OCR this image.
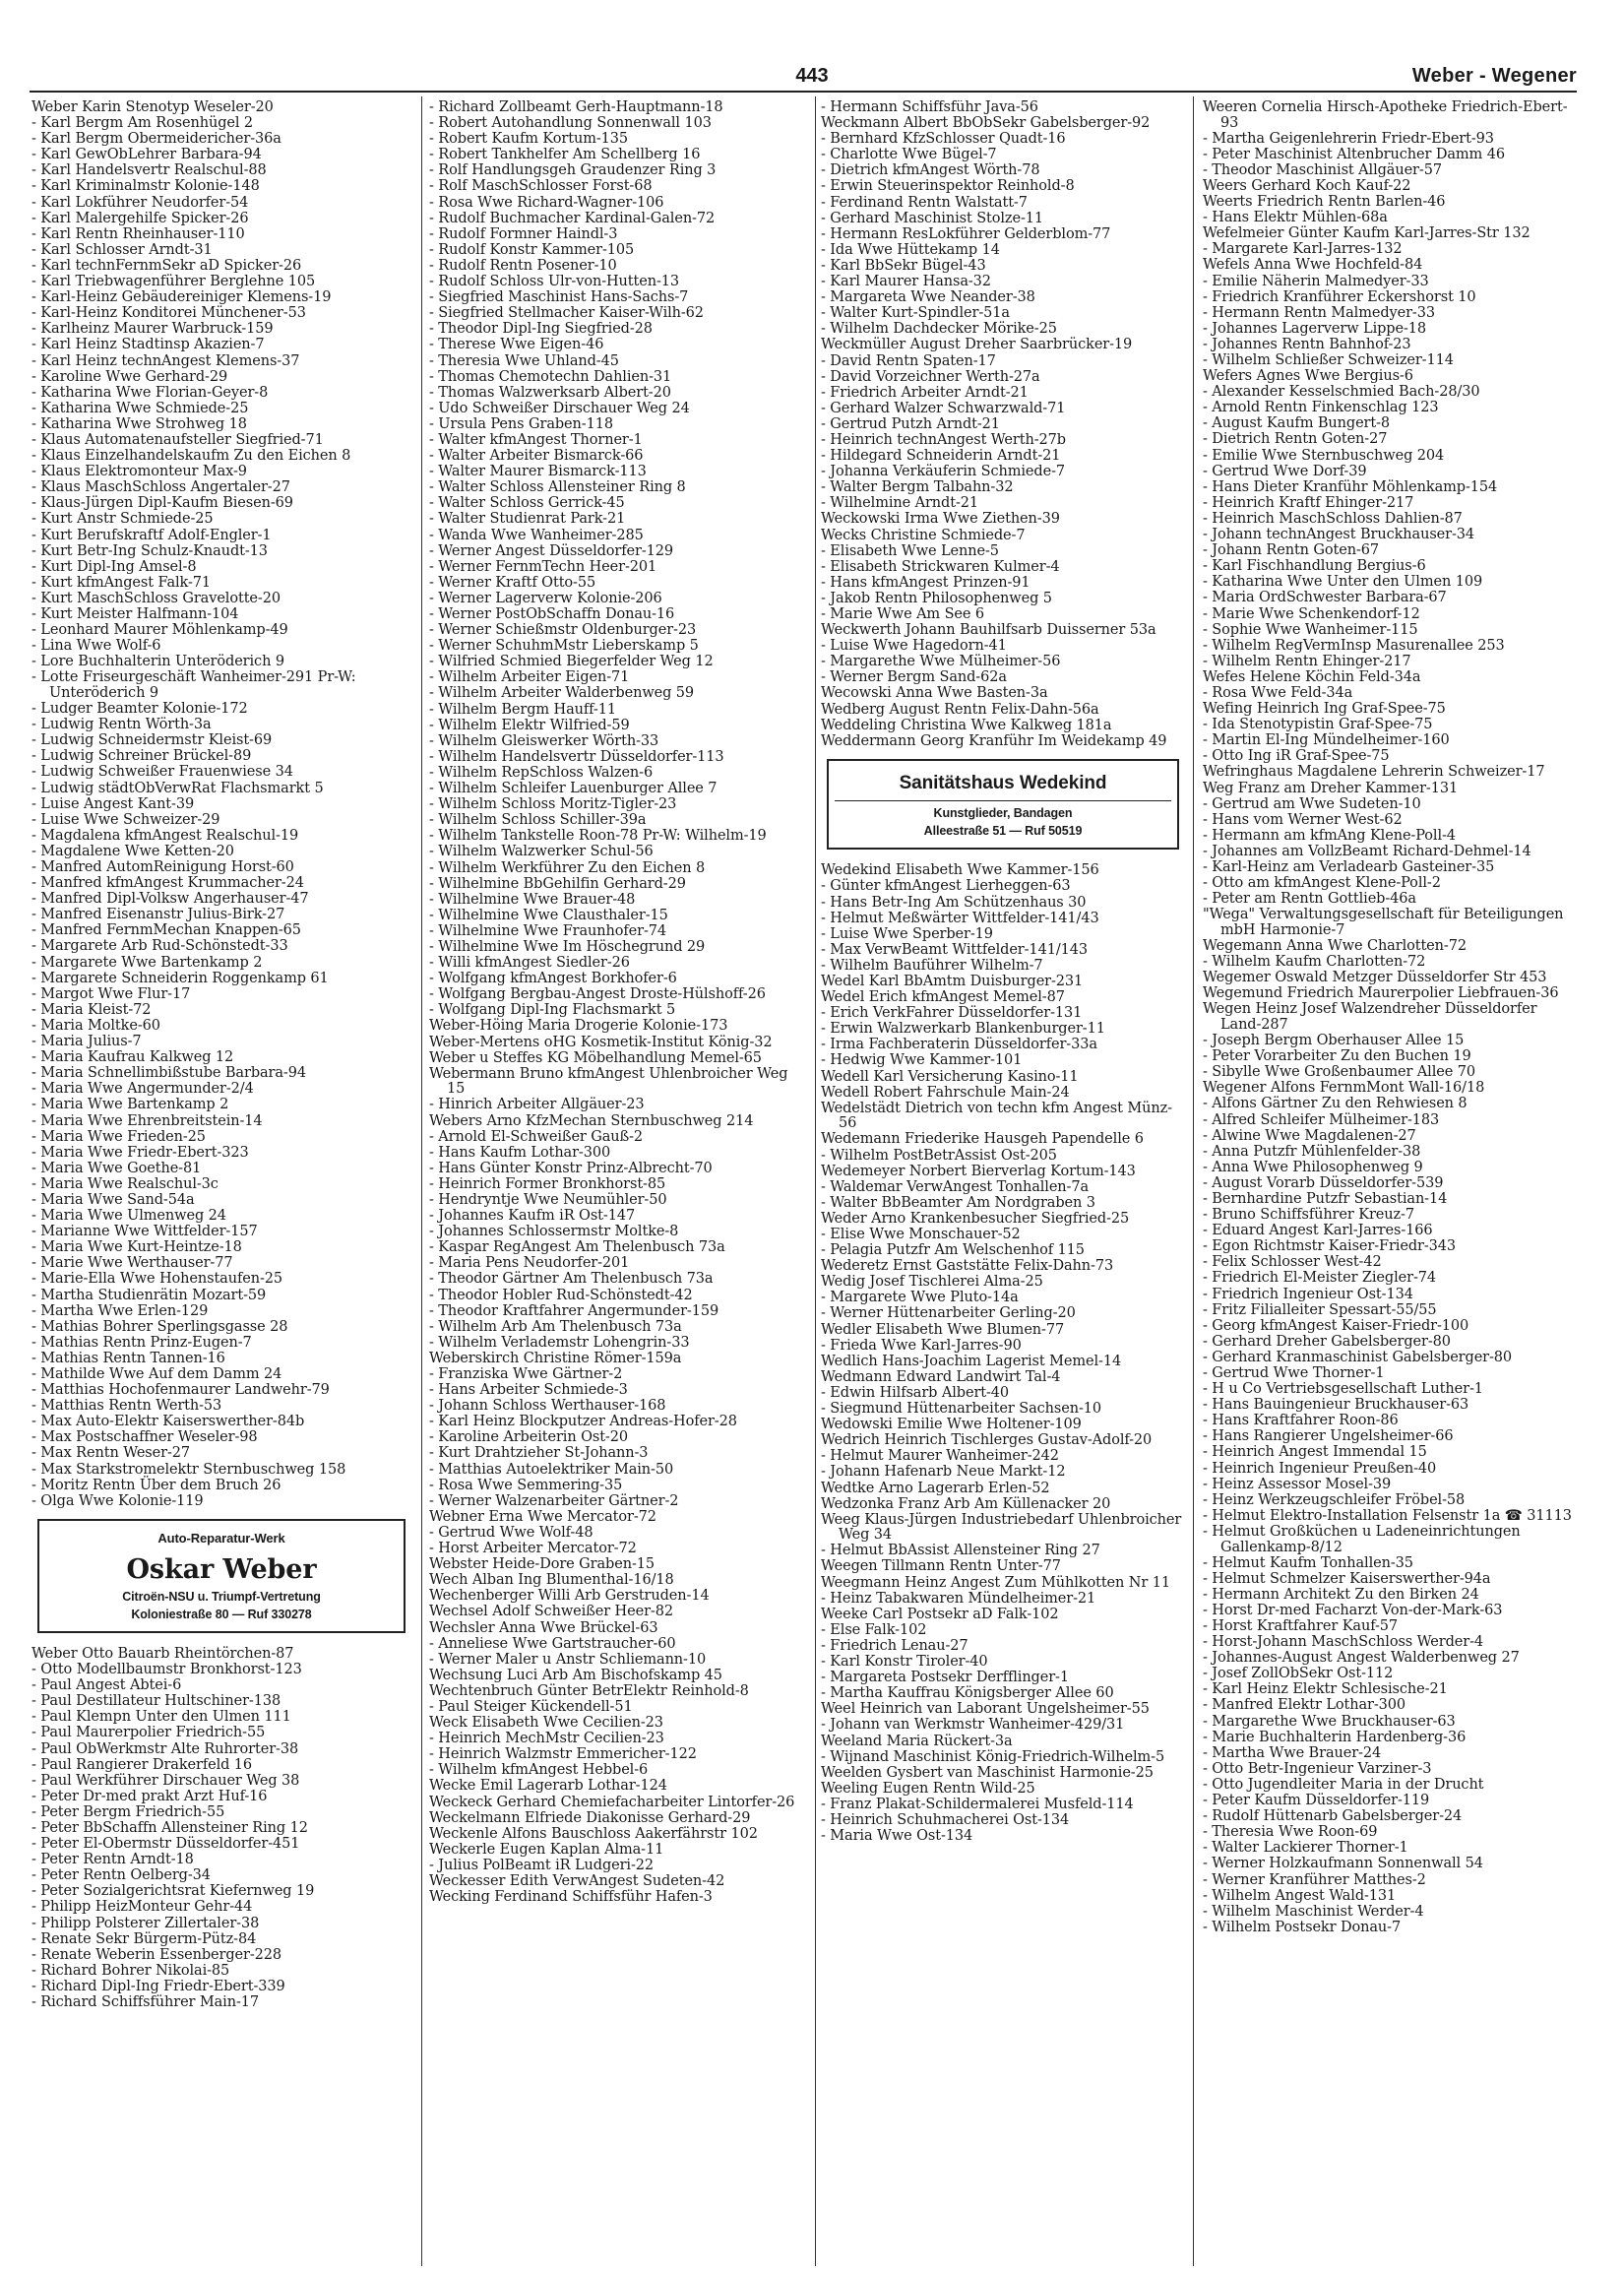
443	Weber - Wegener
Weber Karin Stenotyp Weseler-20
- Karl Bergm Am Rosenhügel 2
- Karl Bergm Obermeidericher-36a
- Karl GewObLehrer Barbara-94
- Karl Handelsvertr Realschul-88
- Karl Kriminalmstr Kolonie-148
- Karl Lokführer Neudorfer-54
- Karl Malergehilfe Spicker-26
- Karl Rentn Rheinhauser-110
- Karl Schlosser Arndt-31
- Karl technFernmSekr aD Spicker-26
- Karl Triebwagenführer Berglehne 105
- Karl-Heinz Gebäudereiniger Klemens-19
- Karl-Heinz Konditorei Münchener-53
- Karlheinz Maurer Warbruck-159
- Karl Heinz Stadtinsp Akazien-7
- Karl Heinz technAngest Klemens-37
- Karoline Wwe Gerhard-29
- Katharina Wwe Florian-Geyer-8
- Katharina Wwe Schmiede-25
- Katharina Wwe Strohweg 18
- Klaus Automatenaufsteller Siegfried-71
- Klaus Einzelhandelskaufm Zu den Eichen 8
- Klaus Elektromonteur Max-9
- Klaus MaschSchloss Angertaler-27
- Klaus-Jürgen Dipl-Kaufm Biesen-69
- Kurt Anstr Schmiede-25
- Kurt Berufskraftf Adolf-Engler-1
- Kurt Betr-Ing Schulz-Knaudt-13
- Kurt Dipl-Ing Amsel-8
- Kurt kfmAngest Falk-71
- Kurt MaschSchloss Gravelotte-20
- Kurt Meister Halfmann-104
- Leonhard Maurer Möhlenkamp-49
- Lina Wwe Wolf-6
- Lore Buchhalterin Unteröderich 9
- Lotte Friseurgeschäft Wanheimer-291 Pr-W: Unteröderich 9
- Ludger Beamter Kolonie-172
- Ludwig Rentn Wörth-3a
- Ludwig Schneidermstr Kleist-69
- Ludwig Schreiner Brückel-89
- Ludwig Schweißer Frauenwiese 34
- Ludwig städtObVerwRat Flachsmarkt 5
- Luise Angest Kant-39
- Luise Wwe Schweizer-29
- Magdalena kfmAngest Realschul-19
- Magdalene Wwe Ketten-20
- Manfred AutomReinigung Horst-60
- Manfred kfmAngest Krummacher-24
- Manfred Dipl-Volksw Angerhauser-47
- Manfred Eisenanstr Julius-Birk-27
- Manfred FernmMechan Knappen-65
- Margarete Arb Rud-Schönstedt-33
- Margarete Wwe Bartenkamp 2
- Margarete Schneiderin Roggenkamp 61
- Margot Wwe Flur-17
- Maria Kleist-72
- Maria Moltke-60
- Maria Julius-7
- Maria Kaufrau Kalkweg 12
- Maria Schnellimbißstube Barbara-94
- Maria Wwe Angermunder-2/4
- Maria Wwe Bartenkamp 2
- Maria Wwe Ehrenbreitstein-14
- Maria Wwe Frieden-25
- Maria Wwe Friedr-Ebert-323
- Maria Wwe Goethe-81
- Maria Wwe Realschul-3c
- Maria Wwe Sand-54a
- Maria Wwe Ulmenweg 24
- Marianne Wwe Wittfelder-157
- Maria Wwe Kurt-Heintze-18
- Marie Wwe Werthauser-77
- Marie-Ella Wwe Hohenstaufen-25
- Martha Studienrätin Mozart-59
- Martha Wwe Erlen-129
- Mathias Bohrer Sperlingsgasse 28
- Mathias Rentn Prinz-Eugen-7
- Mathias Rentn Tannen-16
- Mathilde Wwe Auf dem Damm 24
- Matthias Hochofenmaurer Landwehr-79
- Matthias Rentn Werth-53
- Max Auto-Elektr Kaiserswerther-84b
- Max Postschaffner Weseler-98
- Max Rentn Weser-27
- Max Starkstromelektr Sternbuschweg 158
- Moritz Rentn Über dem Bruch 26
- Olga Wwe Kolonie-119
Auto-Reparatur-Werk
Oskar Weber
Citroën-NSU u. Triumpf-Vertretung
Koloniestraße 80 — Ruf 330278
Weber Otto Bauarb Rheintörchen-87
- Otto Modellbaumstr Bronkhorst-123
- Paul Angest Abtei-6
- Paul Destillateur Hultschiner-138
- Paul Klempn Unter den Ulmen 111
- Paul Maurerpolier Friedrich-55
- Paul ObWerkmstr Alte Ruhrorter-38
- Paul Rangierer Drakerfeld 16
- Paul Werkführer Dirschauer Weg 38
- Peter Dr-med prakt Arzt Huf-16
- Peter Bergm Friedrich-55
- Peter BbSchaffn Allensteiner Ring 12
- Peter El-Obermstr Düsseldorfer-451
- Peter Rentn Arndt-18
- Peter Rentn Oelberg-34
- Peter Sozialgerichtsrat Kiefernweg 19
- Philipp HeizMonteur Gehr-44
- Philipp Polsterer Zillertaler-38
- Renate Sekr Bürgerm-Pütz-84
- Renate Weberin Essenberger-228
- Richard Bohrer Nikolai-85
- Richard Dipl-Ing Friedr-Ebert-339
- Richard Schiffsführer Main-17
- Richard Zollbeamt Gerh-Hauptmann-18
- Robert Autohandlung Sonnenwall 103
- Robert Kaufm Kortum-135
- Robert Tankhelfer Am Schellberg 16
- Rolf Handlungsgeh Graudenzer Ring 3
- Rolf MaschSchlosser Forst-68
- Rosa Wwe Richard-Wagner-106
- Rudolf Buchmacher Kardinal-Galen-72
- Rudolf Formner Haindl-3
- Rudolf Konstr Kammer-105
- Rudolf Rentn Posener-10
- Rudolf Schloss Ulr-von-Hutten-13
- Siegfried Maschinist Hans-Sachs-7
- Siegfried Stellmacher Kaiser-Wilh-62
- Theodor Dipl-Ing Siegfried-28
- Therese Wwe Eigen-46
- Theresia Wwe Uhland-45
- Thomas Chemotechn Dahlien-31
- Thomas Walzwerksarb Albert-20
- Udo Schweißer Dirschauer Weg 24
- Ursula Pens Graben-118
- Walter kfmAngest Thorner-1
- Walter Arbeiter Bismarck-66
- Walter Maurer Bismarck-113
- Walter Schloss Allensteiner Ring 8
- Walter Schloss Gerrick-45
- Walter Studienrat Park-21
- Wanda Wwe Wanheimer-285
- Werner Angest Düsseldorfer-129
- Werner FernmTechn Heer-201
- Werner Kraftf Otto-55
- Werner Lagerverw Kolonie-206
- Werner PostObSchaffn Donau-16
- Werner Schießmstr Oldenburger-23
- Werner SchuhmMstr Lieberskamp 5
- Wilfried Schmied Biegerfelder Weg 12
- Wilhelm Arbeiter Eigen-71
- Wilhelm Arbeiter Walderbenweg 59
- Wilhelm Bergm Hauff-11
- Wilhelm Elektr Wilfried-59
- Wilhelm Gleiswerker Wörth-33
- Wilhelm Handelsvertr Düsseldorfer-113
- Wilhelm RepSchloss Walzen-6
- Wilhelm Schleifer Lauenburger Allee 7
- Wilhelm Schloss Moritz-Tigler-23
- Wilhelm Schloss Schiller-39a
- Wilhelm Tankstelle Roon-78 Pr-W: Wilhelm-19
- Wilhelm Walzwerker Schul-56
- Wilhelm Werkführer Zu den Eichen 8
- Wilhelmine BbGehilfin Gerhard-29
- Wilhelmine Wwe Brauer-48
- Wilhelmine Wwe Clausthaler-15
- Wilhelmine Wwe Fraunhofer-74
- Wilhelmine Wwe Im Höschegrund 29
- Willi kfmAngest Siedler-26
- Wolfgang kfmAngest Borkhofer-6
- Wolfgang Bergbau-Angest Droste-Hülshoff-26
- Wolfgang Dipl-Ing Flachsmarkt 5
Weber-Höing Maria Drogerie Kolonie-173
Weber-Mertens oHG Kosmetik-Institut König-32
Weber u Steffes KG Möbelhandlung Memel-65
Webermann Bruno kfmAngest Uhlenbroicher Weg 15
- Hinrich Arbeiter Allgäuer-23
Webers Arno KfzMechan Sternbuschweg 214
- Arnold El-Schweißer Gauß-2
- Hans Kaufm Lothar-300
- Hans Günter Konstr Prinz-Albrecht-70
- Heinrich Former Bronkhorst-85
- Hendryntje Wwe Neumühler-50
- Johannes Kaufm iR Ost-147
- Johannes Schlossermstr Moltke-8
- Kaspar RegAngest Am Thelenbusch 73a
- Maria Pens Neudorfer-201
- Theodor Gärtner Am Thelenbusch 73a
- Theodor Hobler Rud-Schönstedt-42
- Theodor Kraftfahrer Angermunder-159
- Wilhelm Arb Am Thelenbusch 73a
- Wilhelm Verlademstr Lohengrin-33
Weberskirch Christine Römer-159a
- Franziska Wwe Gärtner-2
- Hans Arbeiter Schmiede-3
- Johann Schloss Werthauser-168
- Karl Heinz Blockputzer Andreas-Hofer-28
- Karoline Arbeiterin Ost-20
- Kurt Drahtzieher St-Johann-3
- Matthias Autoelektriker Main-50
- Rosa Wwe Semmering-35
- Werner Walzenarbeiter Gärtner-2
Webner Erna Wwe Mercator-72
- Gertrud Wwe Wolf-48
- Horst Arbeiter Mercator-72
Webster Heide-Dore Graben-15
Wech Alban Ing Blumenthal-16/18
Wechenberger Willi Arb Gerstruden-14
Wechsel Adolf Schweißer Heer-82
Wechsler Anna Wwe Brückel-63
- Anneliese Wwe Gartstraucher-60
- Werner Maler u Anstr Schliemann-10
Wechsung Luci Arb Am Bischofskamp 45
Wechtenbruch Günter BetrElektr Reinhold-8
- Paul Steiger Kückendell-51
Weck Elisabeth Wwe Cecilien-23
- Heinrich MechMstr Cecilien-23
- Heinrich Walzmstr Emmericher-122
- Wilhelm kfmAngest Hebbel-6
Wecke Emil Lagerarb Lothar-124
Weckeck Gerhard Chemiefacharbeiter Lintorfer-26
Weckelmann Elfriede Diakonisse Gerhard-29
Weckenle Alfons Bauschloss Aakerfährstr 102
Weckerle Eugen Kaplan Alma-11
- Julius PolBeamt iR Ludgeri-22
Weckesser Edith VerwAngest Sudeten-42
Wecking Ferdinand Schiffsführ Hafen-3
- Hermann Schiffsführ Java-56
Weckmann Albert BbObSekr Gabelsberger-92
- Bernhard KfzSchlosser Quadt-16
- Charlotte Wwe Bügel-7
- Dietrich kfmAngest Wörth-78
- Erwin Steuerinspektor Reinhold-8
- Ferdinand Rentn Walstatt-7
- Gerhard Maschinist Stolze-11
- Hermann ResLokführer Gelderblom-77
- Ida Wwe Hüttekamp 14
- Karl BbSekr Bügel-43
- Karl Maurer Hansa-32
- Margareta Wwe Neander-38
- Walter Kurt-Spindler-51a
- Wilhelm Dachdecker Mörike-25
Weckmüller August Dreher Saarbrücker-19
- David Rentn Spaten-17
- David Vorzeichner Werth-27a
- Friedrich Arbeiter Arndt-21
- Gerhard Walzer Schwarzwald-71
- Gertrud Putzh Arndt-21
- Heinrich technAngest Werth-27b
- Hildegard Schneiderin Arndt-21
- Johanna Verkäuferin Schmiede-7
- Walter Bergm Talbahn-32
- Wilhelmine Arndt-21
Weckowski Irma Wwe Ziethen-39
Wecks Christine Schmiede-7
- Elisabeth Wwe Lenne-5
- Elisabeth Strickwaren Kulmer-4
- Hans kfmAngest Prinzen-91
- Jakob Rentn Philosophenweg 5
- Marie Wwe Am See 6
Weckwerth Johann Bauhilfsarb Duisserner 53a
- Luise Wwe Hagedorn-41
- Margarethe Wwe Mülheimer-56
- Werner Bergm Sand-62a
Wecowski Anna Wwe Basten-3a
Wedberg August Rentn Felix-Dahn-56a
Weddeling Christina Wwe Kalkweg 181a
Weddermann Georg Kranführ Im Weidekamp 49
Sanitätshaus Wedekind
Kunstglieder, Bandagen
Alleestraße 51 — Ruf 50519
Wedekind Elisabeth Wwe Kammer-156
- Günter kfmAngest Lierheggen-63
- Hans Betr-Ing Am Schützenhaus 30
- Helmut Meßwärter Wittfelder-141/43
- Luise Wwe Sperber-19
- Max VerwBeamt Wittfelder-141/143
- Wilhelm Bauführer Wilhelm-7
Wedel Karl BbAmtm Duisburger-231
Wedel Erich kfmAngest Memel-87
- Erich VerkFahrer Düsseldorfer-131
- Erwin Walzwerkarb Blankenburger-11
- Irma Fachberaterin Düsseldorfer-33a
- Hedwig Wwe Kammer-101
Wedell Karl Versicherung Kasino-11
Wedell Robert Fahrschule Main-24
Wedelstädt Dietrich von techn kfm Angest Münz-56
Wedemann Friederike Hausgeh Papendelle 6
- Wilhelm PostBetrAssist Ost-205
Wedemeyer Norbert Bierverlag Kortum-143
- Waldemar VerwAngest Tonhallen-7a
- Walter BbBeamter Am Nordgraben 3
Weder Arno Krankenbesucher Siegfried-25
- Elise Wwe Monschauer-52
- Pelagia Putzfr Am Welschenhof 115
Wederetz Ernst Gaststätte Felix-Dahn-73
Wedig Josef Tischlerei Alma-25
- Margarete Wwe Pluto-14a
- Werner Hüttenarbeiter Gerling-20
Wedler Elisabeth Wwe Blumen-77
- Frieda Wwe Karl-Jarres-90
Wedlich Hans-Joachim Lagerist Memel-14
Wedmann Edward Landwirt Tal-4
- Edwin Hilfsarb Albert-40
- Siegmund Hüttenarbeiter Sachsen-10
Wedowski Emilie Wwe Holtener-109
Wedrich Heinrich Tischlerges Gustav-Adolf-20
- Helmut Maurer Wanheimer-242
- Johann Hafenarb Neue Markt-12
Wedtke Arno Lagerarb Erlen-52
Wedzonka Franz Arb Am Küllenacker 20
Weeg Klaus-Jürgen Industriebedarf Uhlenbroicher Weg 34
- Helmut BbAssist Allensteiner Ring 27
Weegen Tillmann Rentn Unter-77
Weegmann Heinz Angest Zum Mühlkotten Nr 11
- Heinz Tabakwaren Mündelheimer-21
Weeke Carl Postsekr aD Falk-102
- Else Falk-102
- Friedrich Lenau-27
- Karl Konstr Tiroler-40
- Margareta Postsekr Derfflinger-1
- Martha Kauffrau Königsberger Allee 60
Weel Heinrich van Laborant Ungelsheimer-55
- Johann van Werkmstr Wanheimer-429/31
Weeland Maria Rückert-3a
- Wijnand Maschinist König-Friedrich-Wilhelm-5
Weelden Gysbert van Maschinist Harmonie-25
Weeling Eugen Rentn Wild-25
- Franz Plakat-Schildermalerei Musfeld-114
- Heinrich Schuhmacherei Ost-134
- Maria Wwe Ost-134
Weeren Cornelia Hirsch-Apotheke Friedrich-Ebert-93
- Martha Geigenlehrerin Friedr-Ebert-93
- Peter Maschinist Altenbrucher Damm 46
- Theodor Maschinist Allgäuer-57
Weers Gerhard Koch Kauf-22
Weerts Friedrich Rentn Barlen-46
- Hans Elektr Mühlen-68a
Wefelmeier Günter Kaufm Karl-Jarres-Str 132
- Margarete Karl-Jarres-132
Wefels Anna Wwe Hochfeld-84
- Emilie Näherin Malmedyer-33
- Friedrich Kranführer Eckershorst 10
- Hermann Rentn Malmedyer-33
- Johannes Lagerverw Lippe-18
- Johannes Rentn Bahnhof-23
- Wilhelm Schließer Schweizer-114
Wefers Agnes Wwe Bergius-6
- Alexander Kesselschmied Bach-28/30
- Arnold Rentn Finkenschlag 123
- August Kaufm Bungert-8
- Dietrich Rentn Goten-27
- Emilie Wwe Sternbuschweg 204
- Gertrud Wwe Dorf-39
- Hans Dieter Kranführ Möhlenkamp-154
- Heinrich Kraftf Ehinger-217
- Heinrich MaschSchloss Dahlien-87
- Johann technAngest Bruckhauser-34
- Johann Rentn Goten-67
- Karl Fischhandlung Bergius-6
- Katharina Wwe Unter den Ulmen 109
- Maria OrdSchwester Barbara-67
- Marie Wwe Schenkendorf-12
- Sophie Wwe Wanheimer-115
- Wilhelm RegVermInsp Masurenallee 253
- Wilhelm Rentn Ehinger-217
Wefes Helene Köchin Feld-34a
- Rosa Wwe Feld-34a
Wefing Heinrich Ing Graf-Spee-75
- Ida Stenotypistin Graf-Spee-75
- Martin El-Ing Mündelheimer-160
- Otto Ing iR Graf-Spee-75
Wefringhaus Magdalene Lehrerin Schweizer-17
Weg Franz am Dreher Kammer-131
- Gertrud am Wwe Sudeten-10
- Hans vom Werner West-62
- Hermann am kfmAng Klene-Poll-4
- Johannes am VollzBeamt Richard-Dehmel-14
- Karl-Heinz am Verladearb Gasteiner-35
- Otto am kfmAngest Klene-Poll-2
- Peter am Rentn Gottlieb-46a
"Wega" Verwaltungsgesellschaft für Beteiligungen mbH Harmonie-7
Wegemann Anna Wwe Charlotten-72
- Wilhelm Kaufm Charlotten-72
Wegemer Oswald Metzger Düsseldorfer Str 453
Wegemund Friedrich Maurerpolier Liebfrauen-36
Wegen Heinz Josef Walzendreher Düsseldorfer Land-287
- Joseph Bergm Oberhauser Allee 15
- Peter Vorarbeiter Zu den Buchen 19
- Sibylle Wwe Großenbaumer Allee 70
Wegener Alfons FernmMont Wall-16/18
- Alfons Gärtner Zu den Rehwiesen 8
- Alfred Schleifer Mülheimer-183
- Alwine Wwe Magdalenen-27
- Anna Putzfr Mühlenfelder-38
- Anna Wwe Philosophenweg 9
- August Vorarb Düsseldorfer-539
- Bernhardine Putzfr Sebastian-14
- Bruno Schiffsführer Kreuz-7
- Eduard Angest Karl-Jarres-166
- Egon Richtmstr Kaiser-Friedr-343
- Felix Schlosser West-42
- Friedrich El-Meister Ziegler-74
- Friedrich Ingenieur Ost-134
- Fritz Filialleiter Spessart-55/55
- Georg kfmAngest Kaiser-Friedr-100
- Gerhard Dreher Gabelsberger-80
- Gerhard Kranmaschinist Gabelsberger-80
- Gertrud Wwe Thorner-1
- H u Co Vertriebsgesellschaft Luther-1
- Hans Bauingenieur Bruckhauser-63
- Hans Kraftfahrer Roon-86
- Hans Rangierer Ungelsheimer-66
- Heinrich Angest Immendal 15
- Heinrich Ingenieur Preußen-40
- Heinz Assessor Mosel-39
- Heinz Werkzeugschleifer Fröbel-58
- Helmut Elektro-Installation Felsenstr 1a ☎ 31113
- Helmut Großküchen u Ladeneinrichtungen Gallenkamp-8/12
- Helmut Kaufm Tonhallen-35
- Helmut Schmelzer Kaiserswerther-94a
- Hermann Architekt Zu den Birken 24
- Horst Dr-med Facharzt Von-der-Mark-63
- Horst Kraftfahrer Kauf-57
- Horst-Johann MaschSchloss Werder-4
- Johannes-August Angest Walderbenweg 27
- Josef ZollObSekr Ost-112
- Karl Heinz Elektr Schlesische-21
- Manfred Elektr Lothar-300
- Margarethe Wwe Bruckhauser-63
- Marie Buchhalterin Hardenberg-36
- Martha Wwe Brauer-24
- Otto Betr-Ingenieur Varziner-3
- Otto Jugendleiter Maria in der Drucht
- Peter Kaufm Düsseldorfer-119
- Rudolf Hüttenarb Gabelsberger-24
- Theresia Wwe Roon-69
- Walter Lackierer Thorner-1
- Werner Holzkaufmann Sonnenwall 54
- Werner Kranführer Matthes-2
- Wilhelm Angest Wald-131
- Wilhelm Maschinist Werder-4
- Wilhelm Postsekr Donau-7
